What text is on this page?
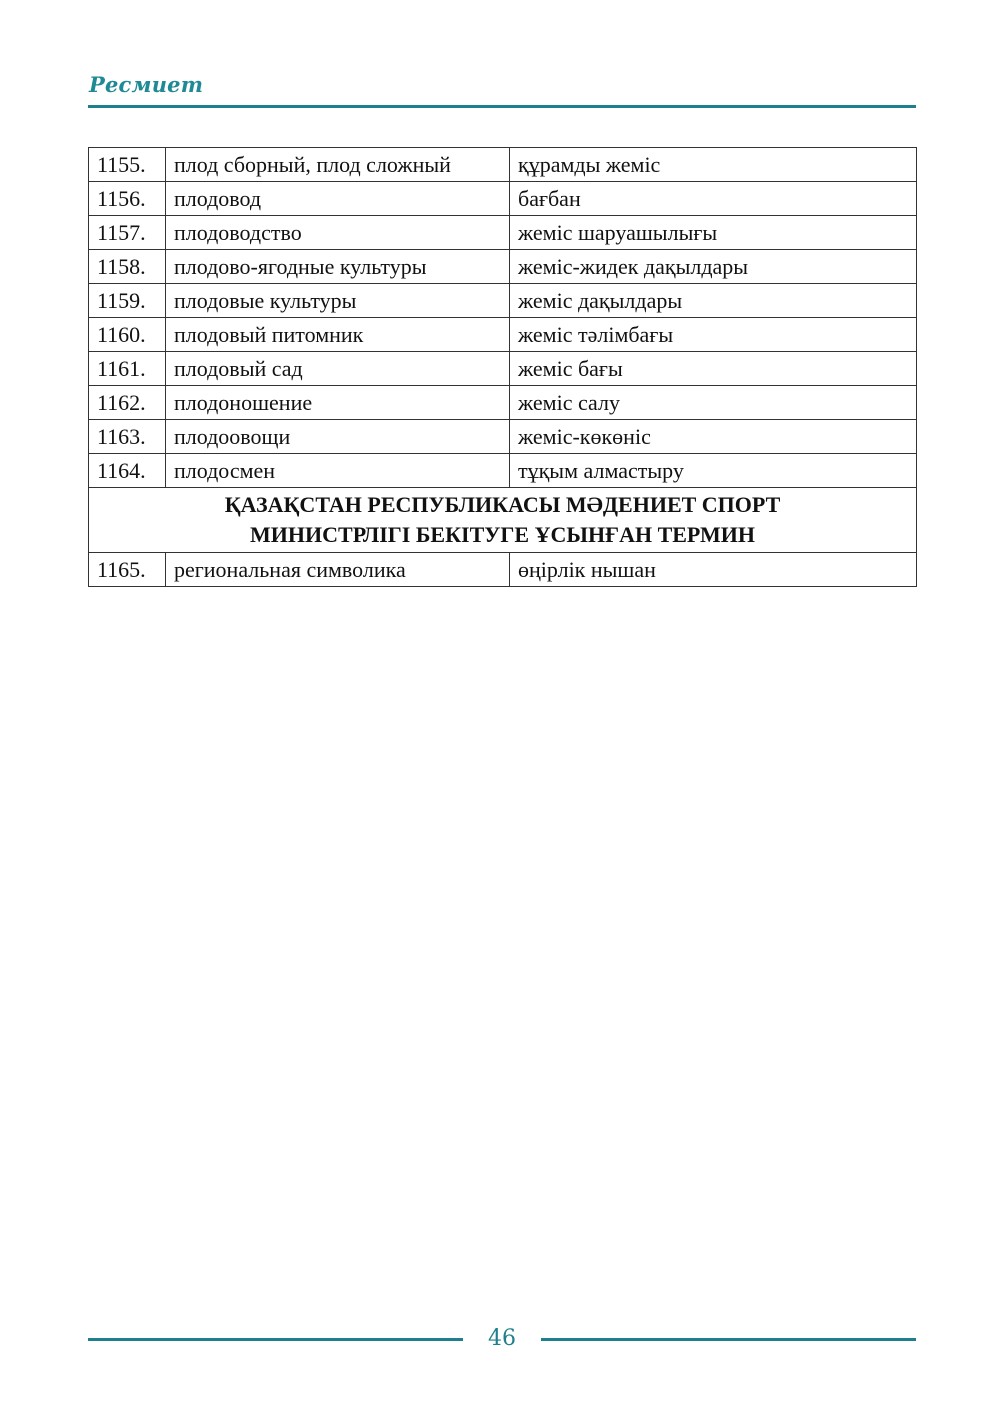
Ресмиет
1155.	плод сборный, плод сложный	құрамды жеміс
1156.	плодовод	бағбан
1157.	плодоводство	жеміс шаруашылығы
1158.	плодово-ягодные культуры	жеміс-жидек дақылдары
1159.	плодовые культуры	жеміс дақылдары
1160.	плодовый питомник	жеміс тәлімбағы
1161.	плодовый сад	жеміс бағы
1162.	плодоношение	жеміс салу
1163.	плодоовощи	жеміс-көкөніс
1164.	плодосмен	тұқым алмастыру
ҚАЗАҚСТАН РЕСПУБЛИКАСЫ МӘДЕНИЕТ СПОРТ
МИНИСТРЛІГІ БЕКІТУГЕ ҰСЫНҒАН ТЕРМИН		
1165.	региональная символика	өңірлік нышан
46
